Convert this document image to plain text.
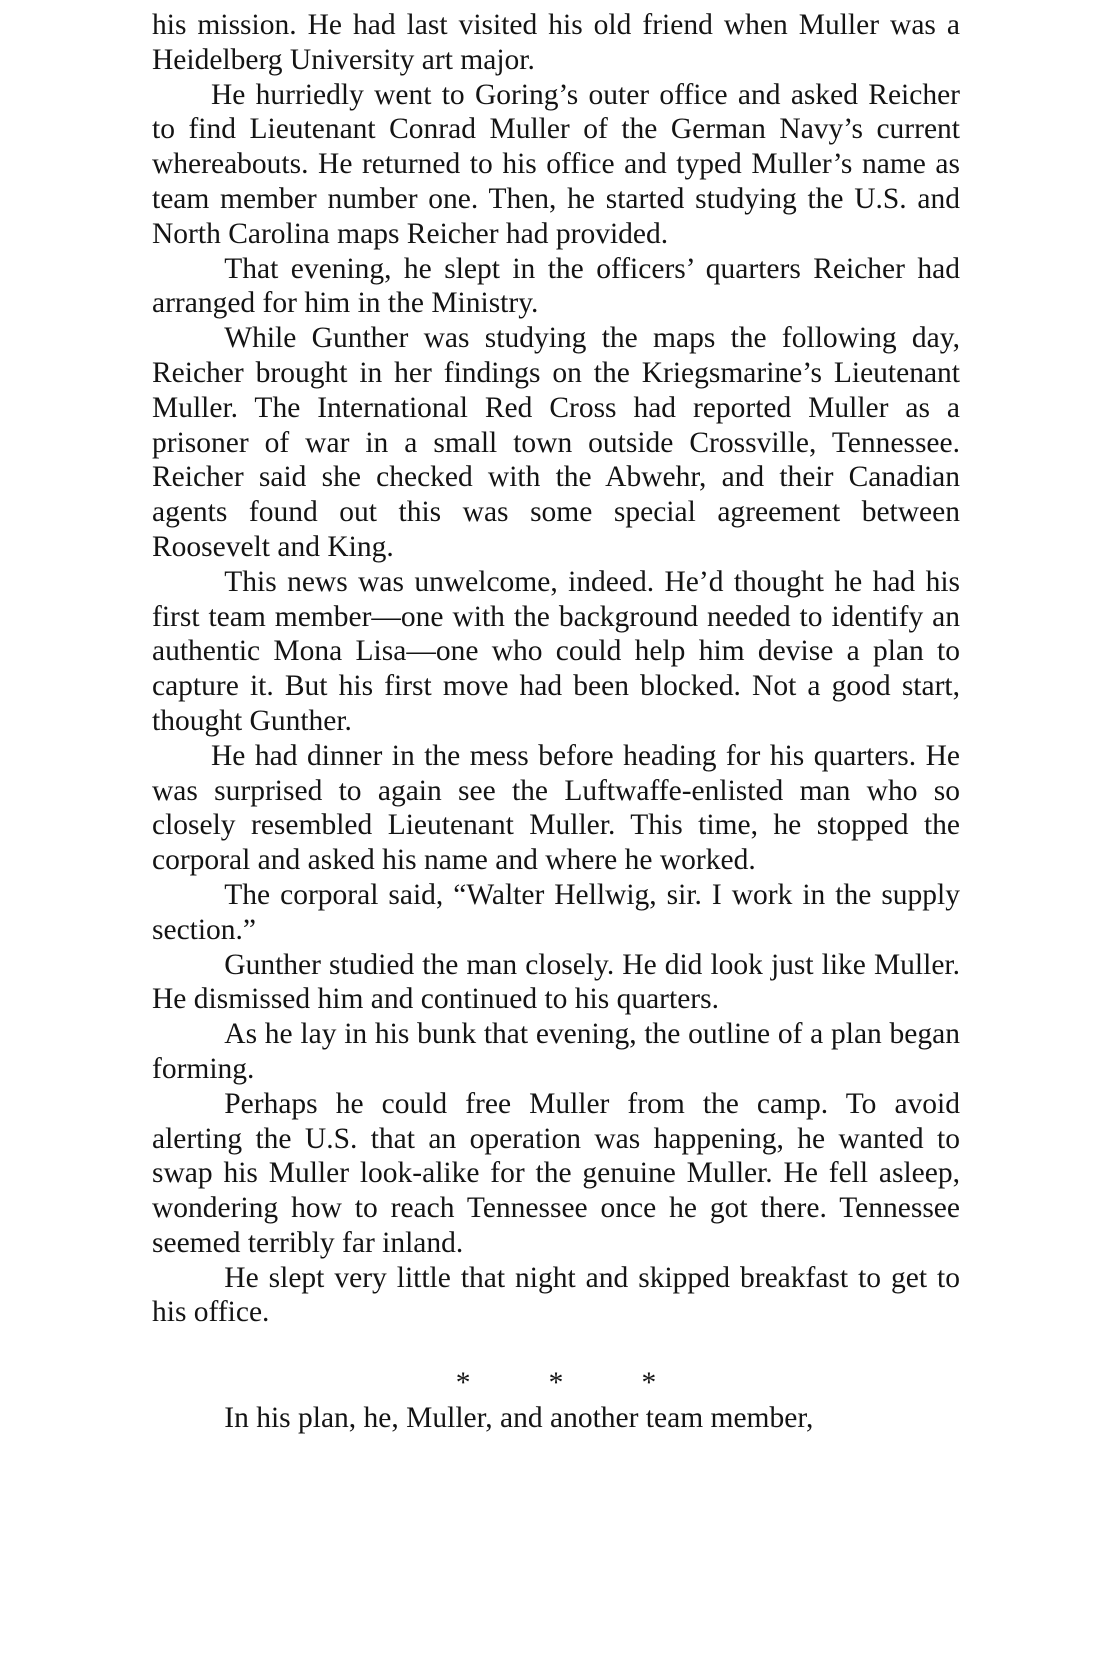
his mission. He had last visited his old friend when Muller was a Heidelberg University art major.

He hurriedly went to Goring’s outer office and asked Reicher to find Lieutenant Conrad Muller of the German Navy’s current whereabouts. He returned to his office and typed Muller’s name as team member number one. Then, he started studying the U.S. and North Carolina maps Reicher had provided.

That evening, he slept in the officers’ quarters Reicher had arranged for him in the Ministry.

While Gunther was studying the maps the following day, Reicher brought in her findings on the Kriegsmarine’s Lieutenant Muller. The International Red Cross had reported Muller as a prisoner of war in a small town outside Crossville, Tennessee. Reicher said she checked with the Abwehr, and their Canadian agents found out this was some special agreement between Roosevelt and King.

This news was unwelcome, indeed. He’d thought he had his first team member—one with the background needed to identify an authentic Mona Lisa—one who could help him devise a plan to capture it. But his first move had been blocked. Not a good start, thought Gunther.

He had dinner in the mess before heading for his quarters. He was surprised to again see the Luftwaffe-enlisted man who so closely resembled Lieutenant Muller. This time, he stopped the corporal and asked his name and where he worked.

The corporal said, “Walter Hellwig, sir. I work in the supply section.”

Gunther studied the man closely. He did look just like Muller. He dismissed him and continued to his quarters.

As he lay in his bunk that evening, the outline of a plan began forming.

Perhaps he could free Muller from the camp. To avoid alerting the U.S. that an operation was happening, he wanted to swap his Muller look-alike for the genuine Muller. He fell asleep, wondering how to reach Tennessee once he got there. Tennessee seemed terribly far inland.

He slept very little that night and skipped breakfast to get to his office.

* * *

In his plan, he, Muller, and another team member,
